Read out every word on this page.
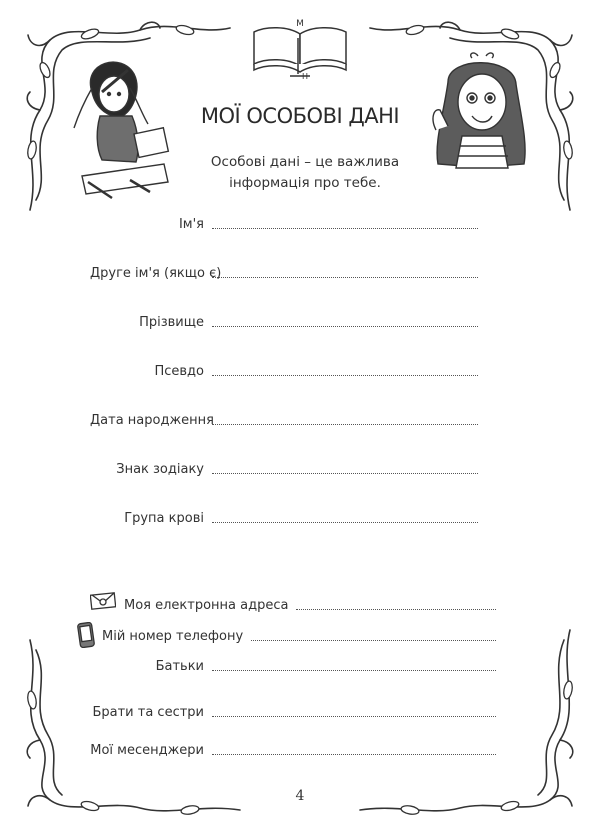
М
Н
МОЇ ОСОБОВІ ДАНІ
Особові дані – це важлива
інформація про тебе.
Ім'я
Друге ім'я (якщо є)
Прізвище
Псевдо
Дата народження
Знак зодіаку
Група крові
Моя електронна адреса
Мій номер телефону
Батьки
Брати та сестри
Мої месенджери
4
